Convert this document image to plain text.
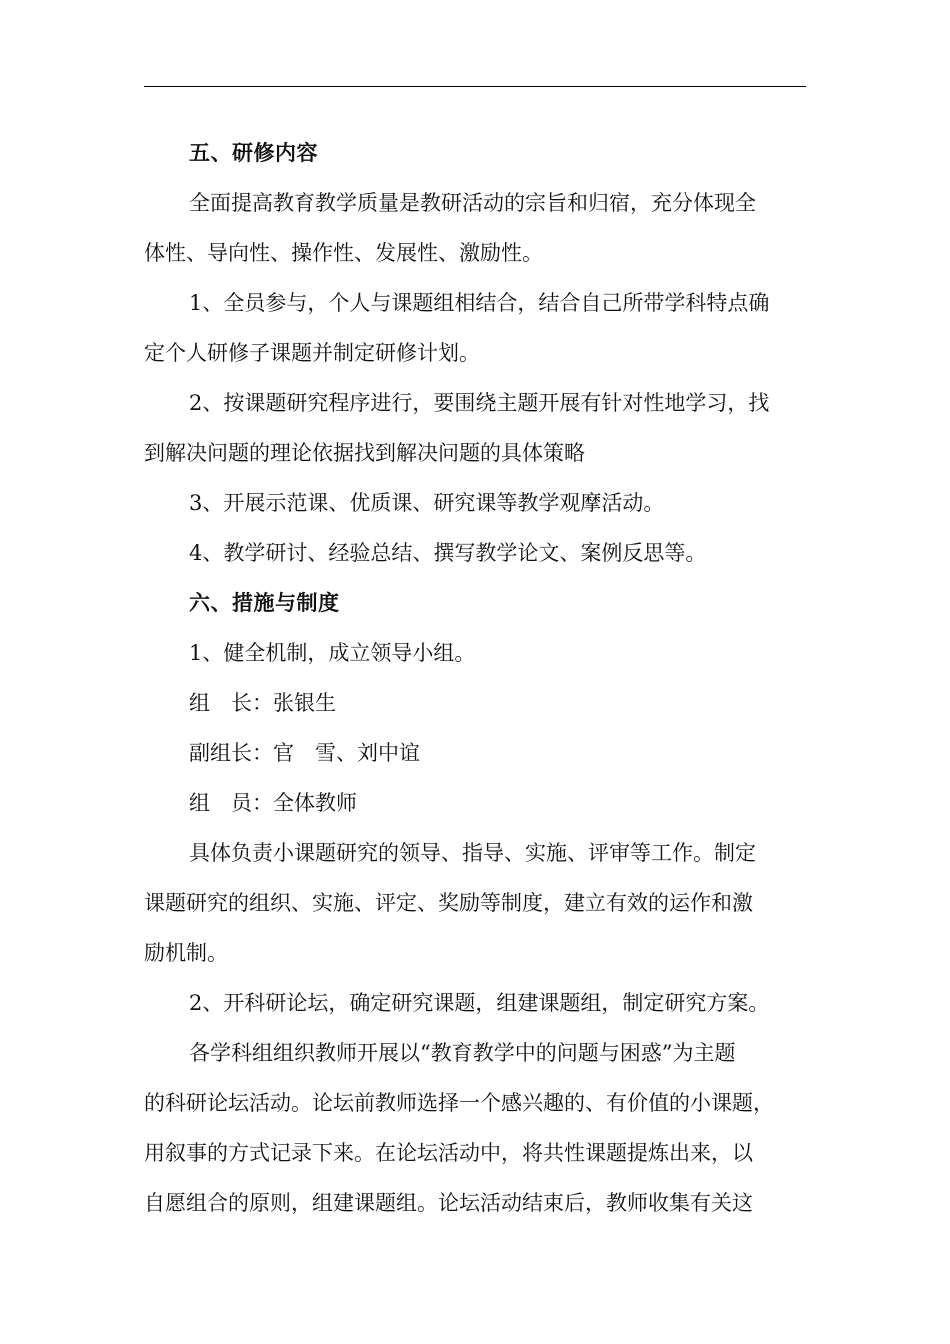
五、研修内容
全面提高教育教学质量是教研活动的宗旨和归宿，充分体现全
体性、导向性、操作性、发展性、激励性。
1、全员参与，个人与课题组相结合，结合自己所带学科特点确
定个人研修子课题并制定研修计划。
2、按课题研究程序进行，要围绕主题开展有针对性地学习，找
到解决问题的理论依据找到解决问题的具体策略
3、开展示范课、优质课、研究课等教学观摩活动。
4、教学研讨、经验总结、撰写教学论文、案例反思等。
六、措施与制度
1、健全机制，成立领导小组。
组　长：张银生
副组长：官　雪、刘中谊
组　员：全体教师
具体负责小课题研究的领导、指导、实施、评审等工作。制定
课题研究的组织、实施、评定、奖励等制度，建立有效的运作和激
励机制。
2、开科研论坛，确定研究课题，组建课题组，制定研究方案。
各学科组组织教师开展以“教育教学中的问题与困惑”为主题
的科研论坛活动。论坛前教师选择一个感兴趣的、有价值的小课题，
用叙事的方式记录下来。在论坛活动中，将共性课题提炼出来，以
自愿组合的原则，组建课题组。论坛活动结束后，教师收集有关这
